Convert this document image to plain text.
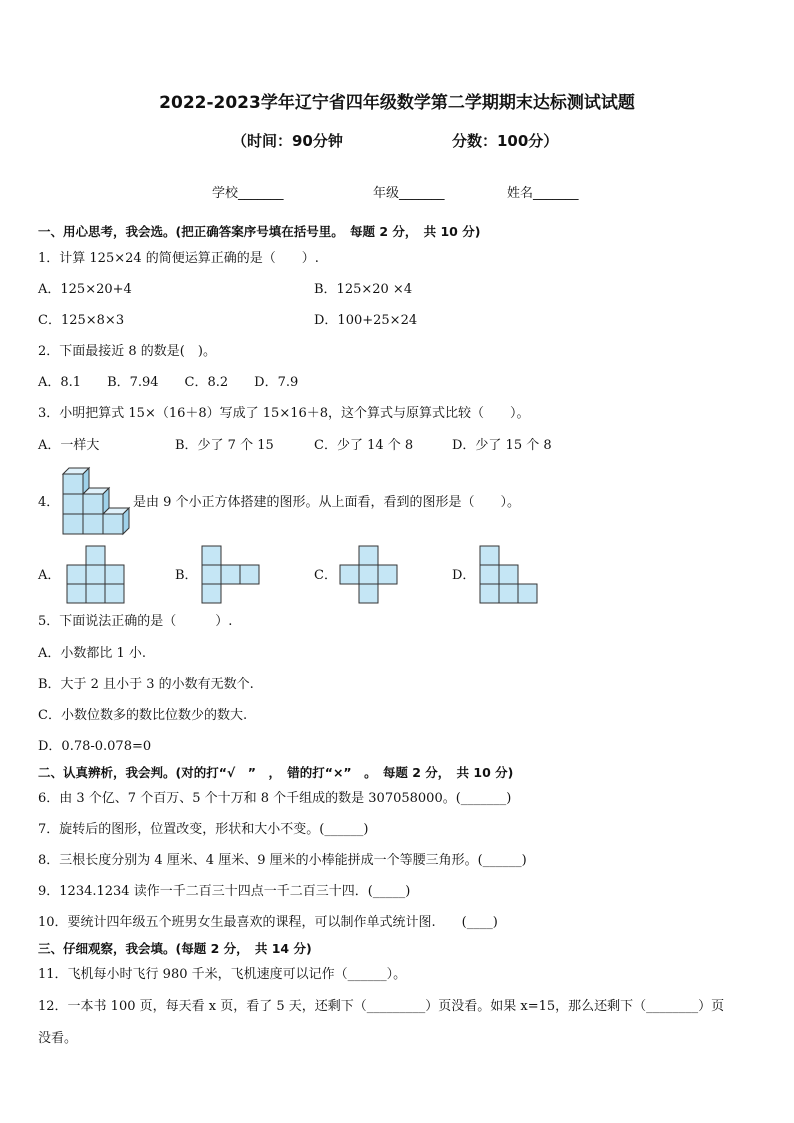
2022-2023学年辽宁省四年级数学第二学期期末达标测试试题
（时间：90分钟	分数：100分）
学校_______	年级_______	姓名_______
一、用心思考，我会选。(把正确答案序号填在括号里。　每题 2 分，　共 10 分)
1．计算 125×24 的简便运算正确的是（　　）.
A．125×20+4	B．125×20 ×4
C．125×8×3	D．100+25×24
2．下面最接近 8 的数是(　)。
A．8.1　　B．7.94　　C．8.2　　D．7.9
3．小明把算式 15×（16＋8）写成了 15×16＋8，这个算式与原算式比较（　　）。
A．一样大	B．少了 7 个 15	C．少了 14 个 8	D．少了 15 个 8
4．	是由 9 个小正方体搭建的图形。从上面看，看到的图形是（　　）。
A．	B．	C．	D．
5．下面说法正确的是（　　　）.
A．小数都比 1 小.
B．大于 2 且小于 3 的小数有无数个.
C．小数位数多的数比位数少的数大.
D．0.78-0.078=0
二、认真辨析，我会判。(对的打“√　”　，　错的打“×”　。　每题 2 分，　共 10 分)
6．由 3 个亿、7 个百万、5 个十万和 8 个千组成的数是 307058000。(_______)
7．旋转后的图形，位置改变，形状和大小不变。(______)
8．三根长度分别为 4 厘米、4 厘米、9 厘米的小棒能拼成一个等腰三角形。(______)
9．1234.1234 读作一千二百三十四点一千二百三十四．(_____)
10．要统计四年级五个班男女生最喜欢的课程，可以制作单式统计图.　　(____)
三、仔细观察，我会填。(每题 2 分，　共 14 分)
11．飞机每小时飞行 980 千米，飞机速度可以记作（______）。
12．一本书 100 页，每天看 x 页，看了 5 天，还剩下（_________）页没看。如果 x=15，那么还剩下（________）页
没看。
